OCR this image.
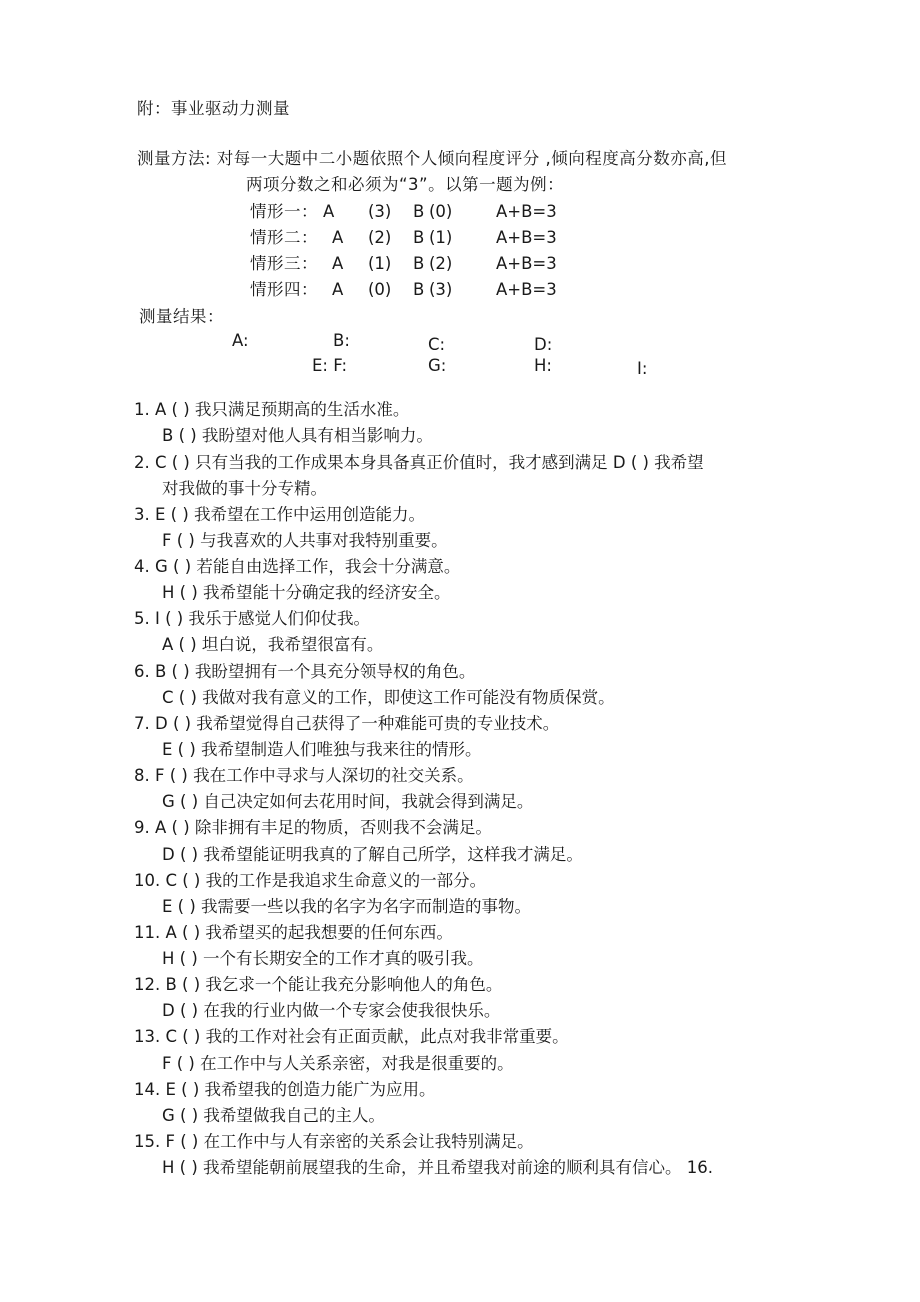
附：事业驱动力测量
测量方法: 对每一大题中二小题依照个人倾向程度评分 ,倾向程度高分数亦高,但
两项分数之和必须为“3”。以第一题为例：
情形一： A (3) B (0)	A+B=3
情形二： A (2) B (1)	A+B=3
情形三： A (1) B (2)	A+B=3
情形四： A (0) B (3)	A+B=3
测量结果：
A:	B:	C:	D:
E: F:	G:	H:	I:
1. A ( ) 我只满足预期高的生活水准。
B ( ) 我盼望对他人具有相当影响力。
2. C ( ) 只有当我的工作成果本身具备真正价值时，我才感到满足 D ( ) 我希望
对我做的事十分专精。
3. E ( ) 我希望在工作中运用创造能力。
F ( ) 与我喜欢的人共事对我特别重要。
4. G ( ) 若能自由选择工作，我会十分满意。
H ( ) 我希望能十分确定我的经济安全。
5. I ( ) 我乐于感觉人们仰仗我。
A ( ) 坦白说，我希望很富有。
6. B ( ) 我盼望拥有一个具充分领导权的角色。
C ( ) 我做对我有意义的工作，即使这工作可能没有物质保赏。
7. D ( ) 我希望觉得自己获得了一种难能可贵的专业技术。
E ( ) 我希望制造人们唯独与我来往的情形。
8. F ( ) 我在工作中寻求与人深切的社交关系。
G ( ) 自己决定如何去花用时间，我就会得到满足。
9. A ( ) 除非拥有丰足的物质，否则我不会满足。
D ( ) 我希望能证明我真的了解自己所学，这样我才满足。
10. C ( ) 我的工作是我追求生命意义的一部分。
E ( ) 我需要一些以我的名字为名字而制造的事物。
11. A ( ) 我希望买的起我想要的任何东西。
H ( ) 一个有长期安全的工作才真的吸引我。
12. B ( ) 我乞求一个能让我充分影响他人的角色。
D ( ) 在我的行业内做一个专家会使我很快乐。
13. C ( ) 我的工作对社会有正面贡献，此点对我非常重要。
F ( ) 在工作中与人关系亲密，对我是很重要的。
14. E ( ) 我希望我的创造力能广为应用。
G ( ) 我希望做我自己的主人。
15. F ( ) 在工作中与人有亲密的关系会让我特别满足。
H ( ) 我希望能朝前展望我的生命，并且希望我对前途的顺利具有信心。 16.
